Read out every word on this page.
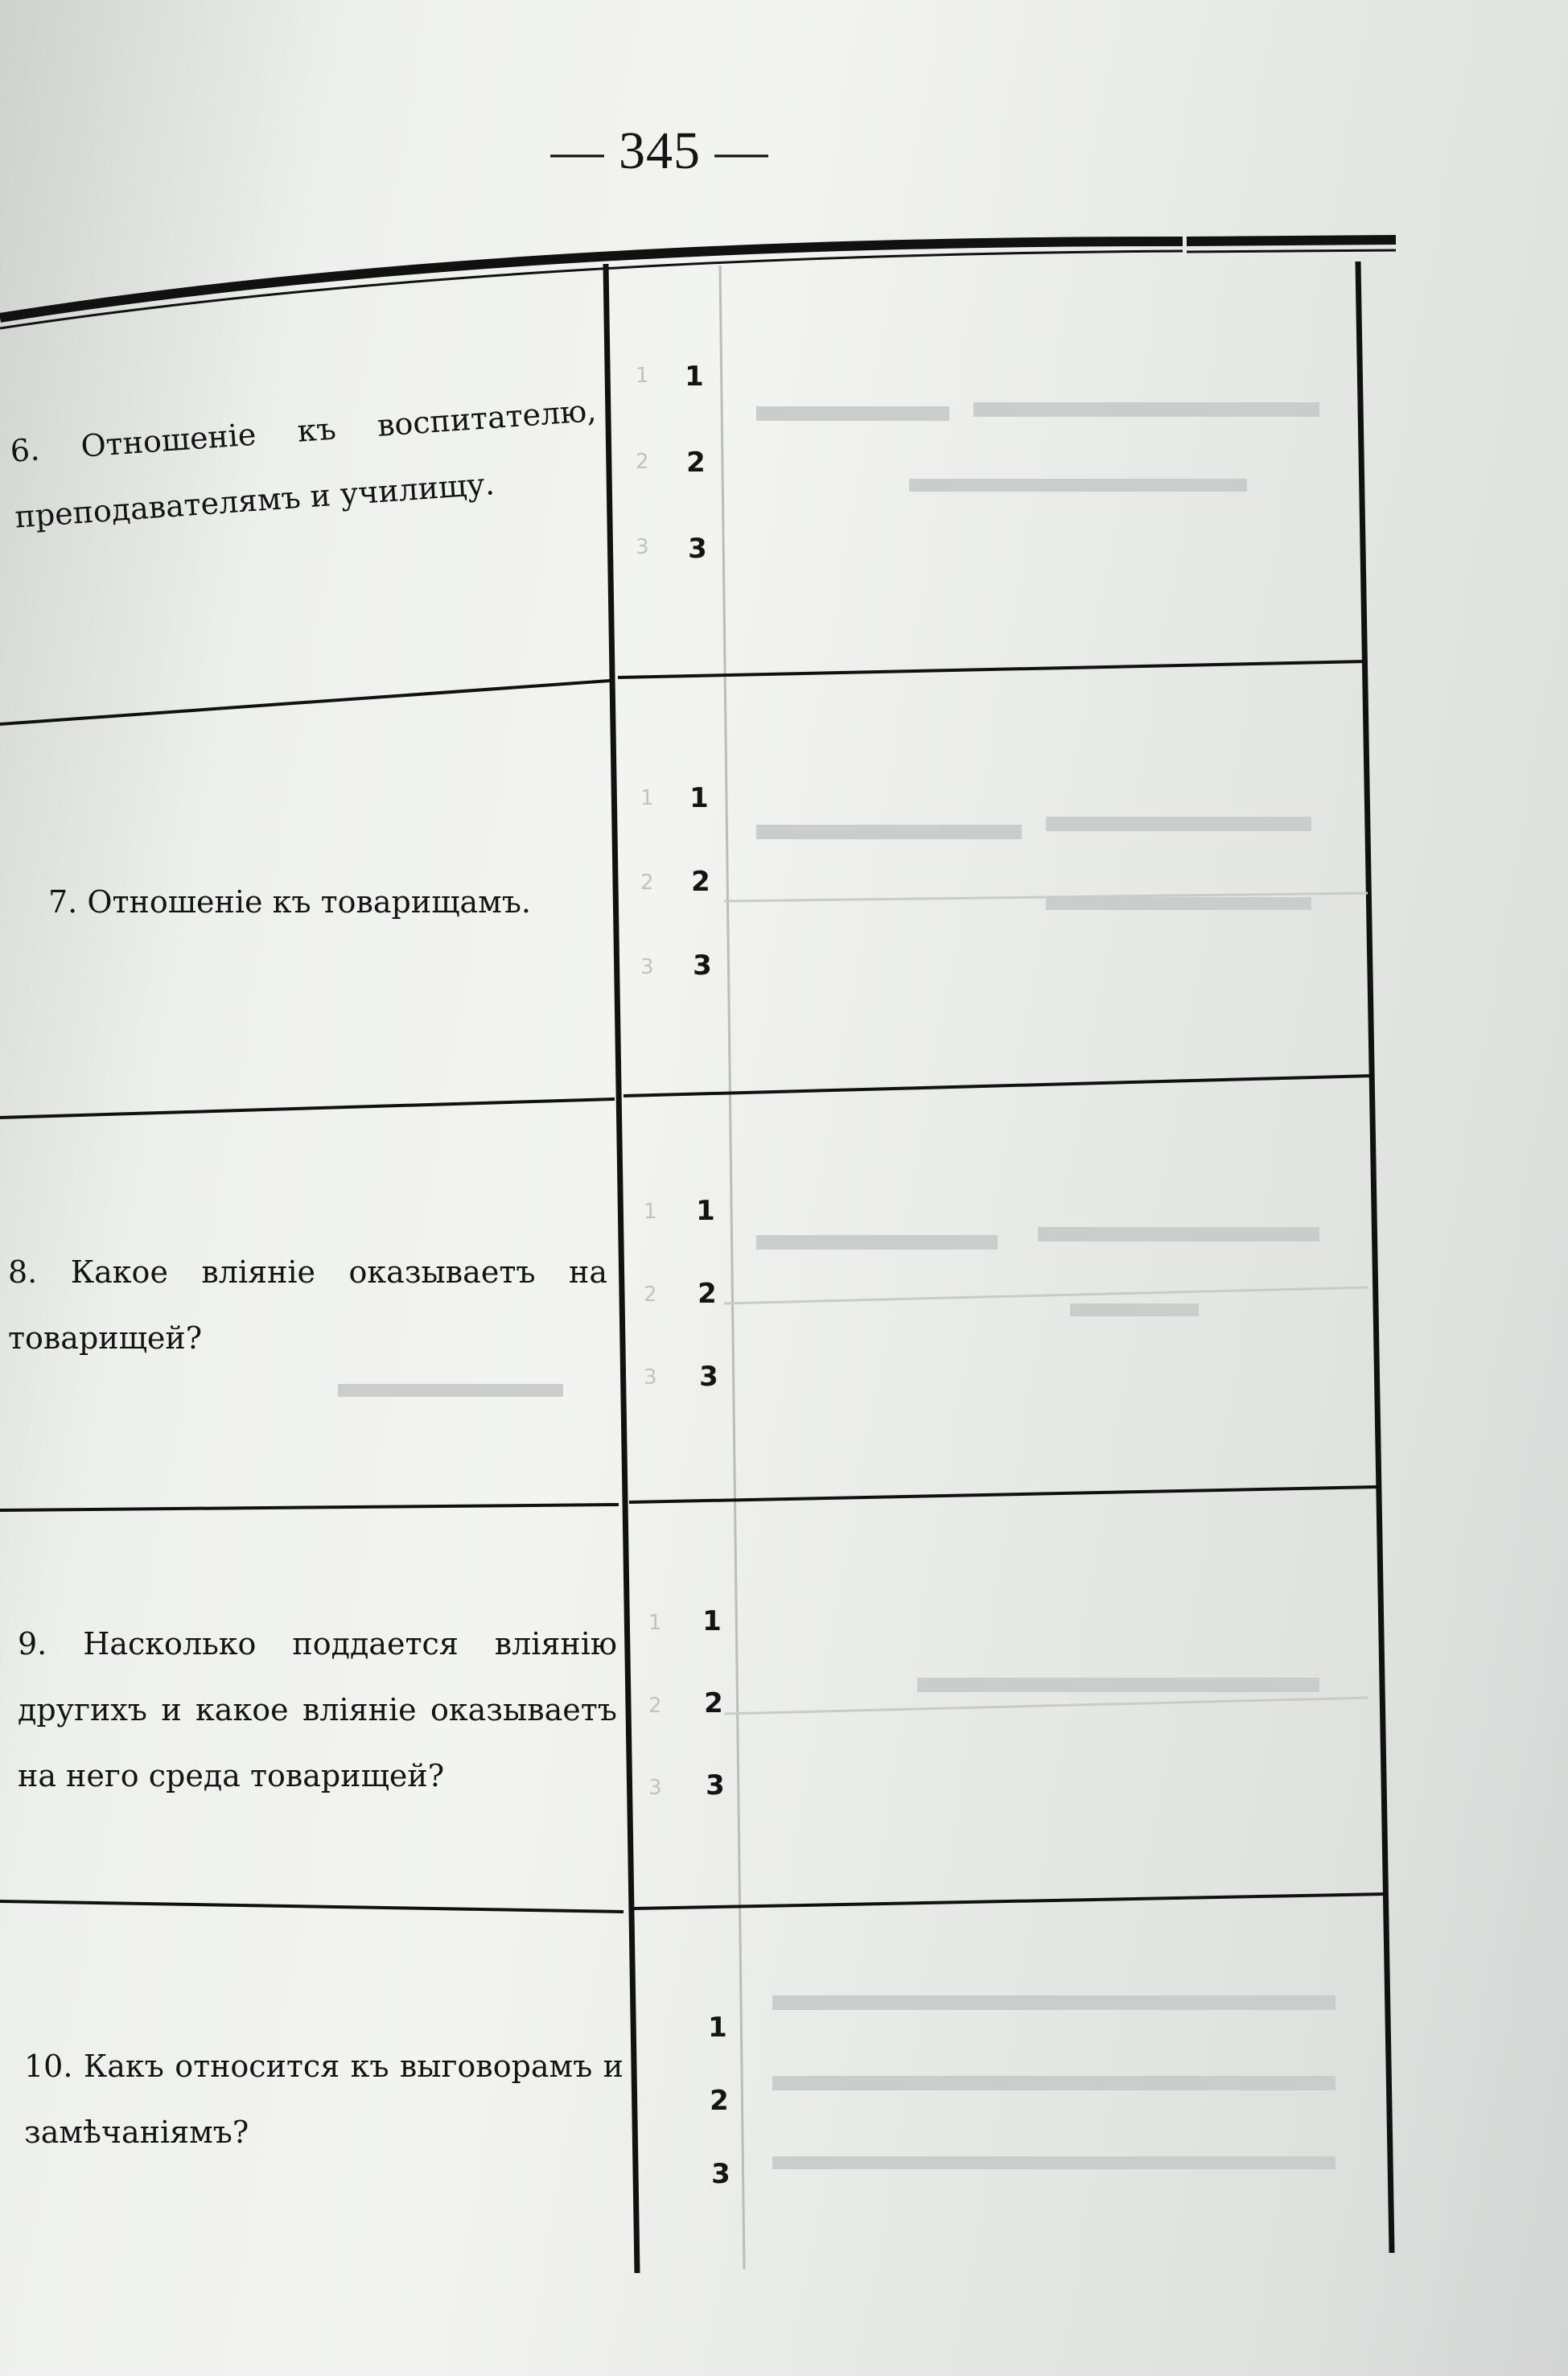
— 345 —
1
2
3
1
2
3
1
2
3
1
2
3
6. Отношеніе къ воспитателю, преподавателямъ и училищу.
1
2
3
7. Отношеніе къ товарищамъ.
1
2
3
8. Какое вліяніе оказываетъ на товарищей?
1
2
3
9. Насколько поддается вліянію другихъ и какое вліяніе оказываетъ на него среда товарищей?
1
2
3
10. Какъ относится къ выговорамъ и замѣчаніямъ?
1
2
3
